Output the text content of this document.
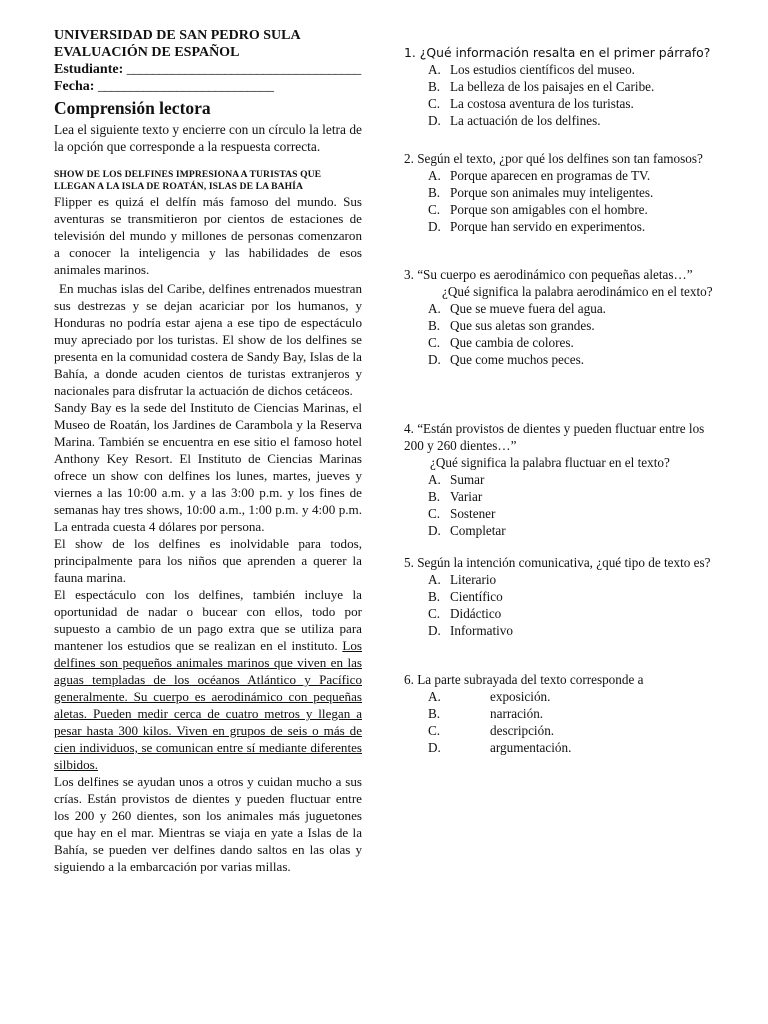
UNIVERSIDAD DE SAN PEDRO SULA

EVALUACIÓN DE ESPAÑOL

Estudiante: ____________________________________

Fecha: ___________________________

Comprensión lectora
Lea el siguiente texto y encierre con un círculo la letra de la opción que corresponde a la respuesta correcta.
SHOW DE LOS DELFINES IMPRESIONA A TURISTAS QUE LLEGAN A LA ISLA DE ROATÁN, ISLAS DE LA BAHÍA

Flipper es quizá el delfín más famoso del mundo. Sus aventuras se transmitieron por cientos de estaciones de televisión del mundo y millones de personas comenzaron a conocer la inteligencia y las habilidades de esos animales marinos.

En muchas islas del Caribe, delfines entrenados muestran sus destrezas y se dejan acariciar por los humanos, y Honduras no podría estar ajena a ese tipo de espectáculo muy apreciado por los turistas. El show de los delfines se presenta en la comunidad costera de Sandy Bay, Islas de la Bahía, a donde acuden cientos de turistas extranjeros y nacionales para disfrutar la actuación de dichos cetáceos.

Sandy Bay es la sede del Instituto de Ciencias Marinas, el Museo de Roatán, los Jardines de Carambola y la Reserva Marina. También se encuentra en ese sitio el famoso hotel Anthony Key Resort. El Instituto de Ciencias Marinas ofrece un show con delfines los lunes, martes, jueves y viernes a las 10:00 a.m. y a las 3:00 p.m. y los fines de semanas hay tres shows, 10:00 a.m., 1:00 p.m. y 4:00 p.m. La entrada cuesta 4 dólares por persona.

El show de los delfines es inolvidable para todos, principalmente para los niños que aprenden a querer la fauna marina.

El espectáculo con los delfines, también incluye la oportunidad de nadar o bucear con ellos, todo por supuesto a cambio de un pago extra que se utiliza para mantener los estudios que se realizan en el instituto. Los delfines son pequeños animales marinos que viven en las aguas templadas de los océanos Atlántico y Pacífico generalmente. Su cuerpo es aerodinámico con pequeñas aletas. Pueden medir cerca de cuatro metros y llegan a pesar hasta 300 kilos. Viven en grupos de seis o más de cien individuos, se comunican entre sí mediante diferentes silbidos.

Los delfines se ayudan unos a otros y cuidan mucho a sus crías. Están provistos de dientes y pueden fluctuar entre los 200 y 260 dientes, son los animales más juguetones que hay en el mar. Mientras se viaja en yate a Islas de la Bahía, se pueden ver delfines dando saltos en las olas y siguiendo a la embarcación por varias millas.

1. ¿Qué información resalta en el primer párrafo?

A. Los estudios científicos del museo.
B. La belleza de los paisajes en el Caribe.
C. La costosa aventura de los turistas.
D. La actuación de los delfines.

2. Según el texto, ¿por qué los delfines son tan famosos?

A. Porque aparecen en programas de TV.
B. Porque son animales muy inteligentes.
C. Porque son amigables con el hombre.
D. Porque han servido en experimentos.

3. “Su cuerpo es aerodinámico con pequeñas aletas…”

¿Qué significa la palabra aerodinámico en el texto?

A. Que se mueve fuera del agua.
B. Que sus aletas son grandes.
C. Que cambia de colores.
D. Que come muchos peces.

4. “Están provistos de dientes y pueden fluctuar entre los 200 y 260 dientes…”

¿Qué significa la palabra fluctuar en el texto?

A. Sumar
B. Variar
C. Sostener
D. Completar

5. Según la intención comunicativa, ¿qué tipo de texto es?

A. Literario
B. Científico
C. Didáctico
D. Informativo

6. La parte subrayada del texto corresponde a

A.	exposición.
B.	narración.
C.	descripción.
D.	argumentación.
